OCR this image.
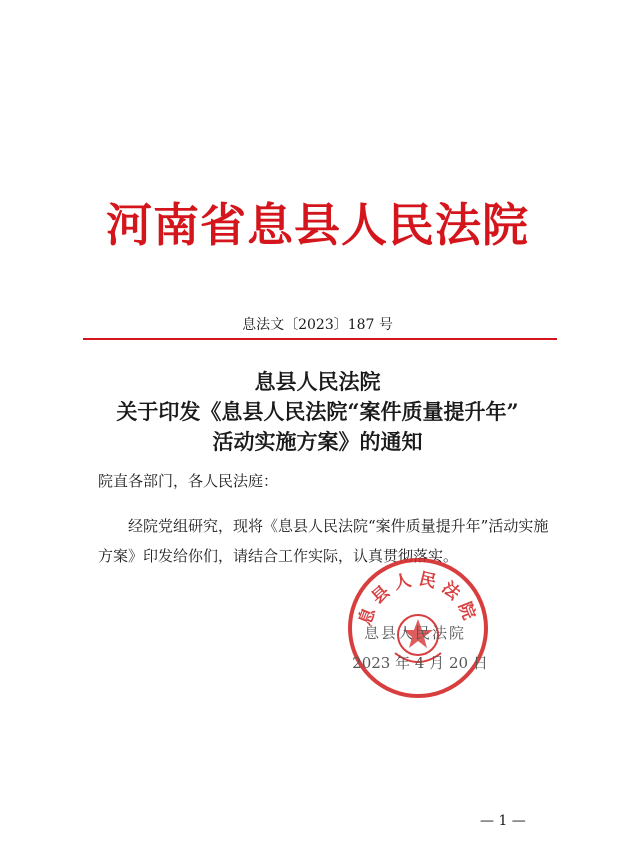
河南省息县人民法院
息法文〔2023〕187 号
息县人民法院
关于印发《息县人民法院“案件质量提升年”
活动实施方案》的通知
院直各部门，各人民法庭：
经院党组研究，现将《息县人民法院“案件质量提升年”活动实施方案》印发给你们，请结合工作实际，认真贯彻落实。
息县人民法院
息县人民法院
2023 年 4 月 20 日
— 1 —
